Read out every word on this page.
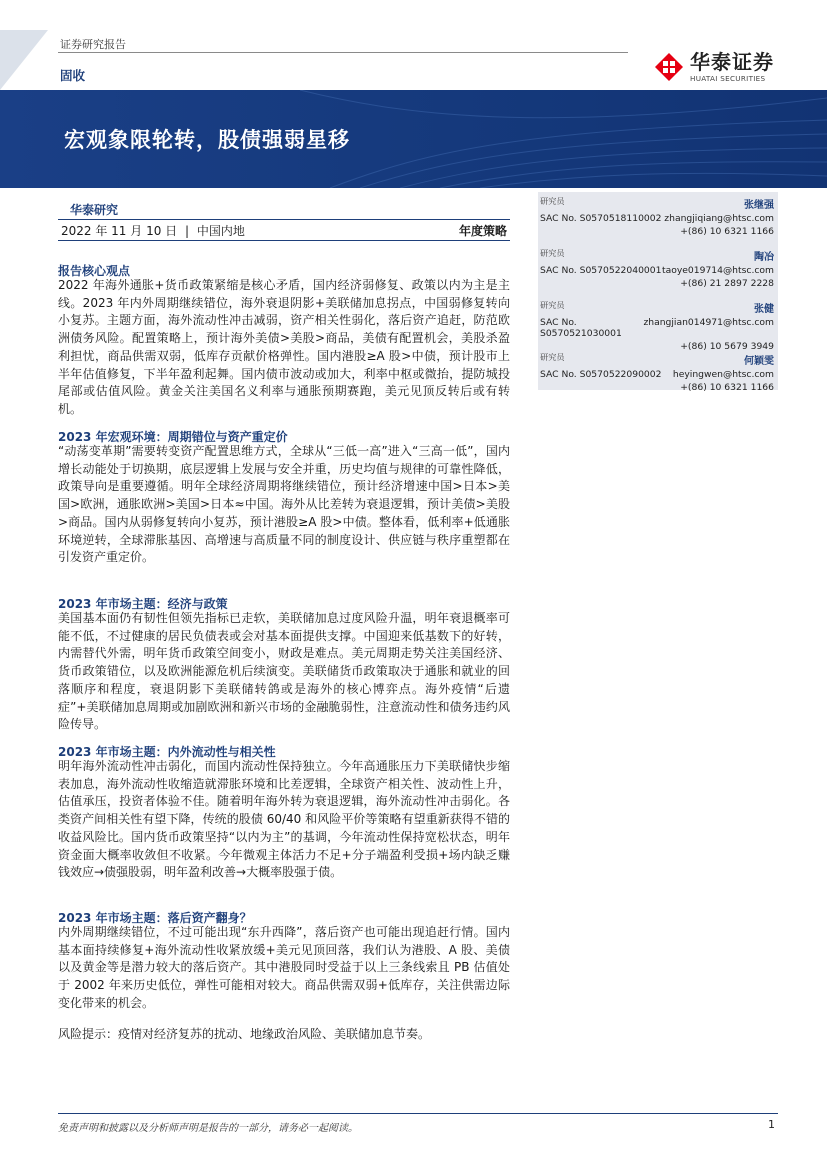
证券研究报告
固收
华泰证券
HUATAI SECURITIES
宏观象限轮转，股债强弱星移
华泰研究
2022 年 11 月 10 日 | 中国内地	年度策略
报告核心观点
2022 年海外通胀+货币政策紧缩是核心矛盾，国内经济弱修复、政策以内为主是主线。2023 年内外周期继续错位，海外衰退阴影+美联储加息拐点，中国弱修复转向小复苏。主题方面，海外流动性冲击减弱，资产相关性弱化，落后资产追赶，防范欧洲债务风险。配置策略上，预计海外美债>美股>商品，美债有配置机会，美股杀盈利担忧，商品供需双弱，低库存贡献价格弹性。国内港股≥A 股>中债，预计股市上半年估值修复，下半年盈利起舞。国内债市波动或加大，利率中枢或微抬，提防城投尾部或估值风险。黄金关注美国名义利率与通胀预期赛跑，美元见顶反转后或有转机。
2023 年宏观环境：周期错位与资产重定价
“动荡变革期”需要转变资产配置思维方式，全球从“三低一高”进入“三高一低”，国内增长动能处于切换期，底层逻辑上发展与安全并重，历史均值与规律的可靠性降低，政策导向是重要遵循。明年全球经济周期将继续错位，预计经济增速中国>日本>美国>欧洲，通胀欧洲>美国>日本≈中国。海外从比差转为衰退逻辑，预计美债>美股>商品。国内从弱修复转向小复苏，预计港股≥A 股>中债。整体看，低利率+低通胀环境逆转，全球滞胀基因、高增速与高质量不同的制度设计、供应链与秩序重塑都在引发资产重定价。
2023 年市场主题：经济与政策
美国基本面仍有韧性但领先指标已走软，美联储加息过度风险升温，明年衰退概率可能不低，不过健康的居民负债表或会对基本面提供支撑。中国迎来低基数下的好转，内需替代外需，明年货币政策空间变小，财政是难点。美元周期走势关注美国经济、货币政策错位，以及欧洲能源危机后续演变。美联储货币政策取决于通胀和就业的回落顺序和程度，衰退阴影下美联储转鸽或是海外的核心博弈点。海外疫情“后遗症”+美联储加息周期或加剧欧洲和新兴市场的金融脆弱性，注意流动性和债务违约风险传导。
2023 年市场主题：内外流动性与相关性
明年海外流动性冲击弱化，而国内流动性保持独立。今年高通胀压力下美联储快步缩表加息，海外流动性收缩造就滞胀环境和比差逻辑，全球资产相关性、波动性上升，估值承压，投资者体验不佳。随着明年海外转为衰退逻辑，海外流动性冲击弱化。各类资产间相关性有望下降，传统的股债 60/40 和风险平价等策略有望重新获得不错的收益风险比。国内货币政策坚持“以内为主”的基调，今年流动性保持宽松状态，明年资金面大概率收敛但不收紧。今年微观主体活力不足+分子端盈利受损+场内缺乏赚钱效应→债强股弱，明年盈利改善→大概率股强于债。
2023 年市场主题：落后资产翻身？
内外周期继续错位，不过可能出现“东升西降”，落后资产也可能出现追赶行情。国内基本面持续修复+海外流动性收紧放缓+美元见顶回落，我们认为港股、A 股、美债以及黄金等是潜力较大的落后资产。其中港股同时受益于以上三条线索且 PB 估值处于 2002 年来历史低位，弹性可能相对较大。商品供需双弱+低库存，关注供需边际变化带来的机会。
风险提示：疫情对经济复苏的扰动、地缘政治风险、美联储加息节奏。
研究员	张继强
SAC No. S0570518110002 zhangjiqiang@htsc.com
+(86) 10 6321 1166
研究员	陶冶
SAC No. S0570522040001 taoye019714@htsc.com
+(86) 21 2897 2228
研究员	张健
SAC No. S0570521030001
zhangjian014971@htsc.com
+(86) 10 5679 3949
研究员	何颖雯
SAC No. S0570522090002 heyingwen@htsc.com
+(86) 10 6321 1166
免责声明和披露以及分析师声明是报告的一部分，请务必一起阅读。	1
